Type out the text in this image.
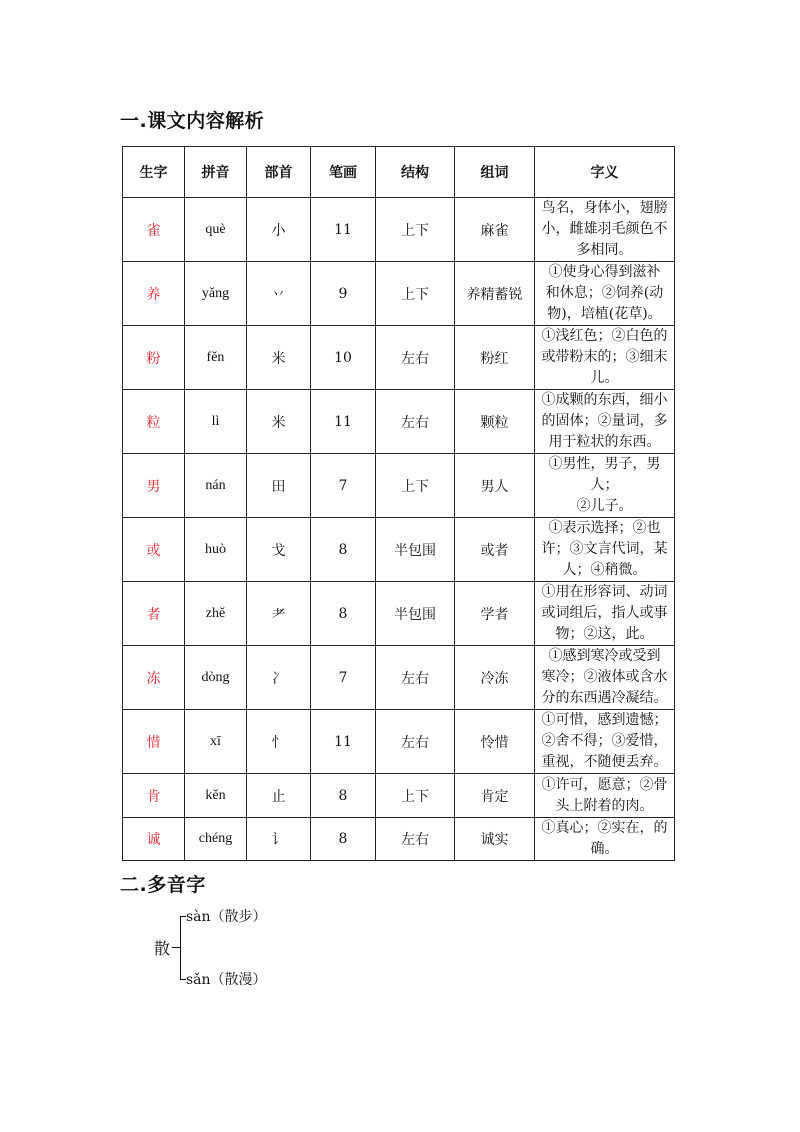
一.课文内容解析
生字	拼音	部首	笔画	结构	组词	字义
雀	què	小	11	上下	麻雀	鸟名，身体小，翅膀
小，雌雄羽毛颜色不
多相同。

养	yǎng	丷	9	上下	养精蓄锐	①使身心得到滋补
和休息；②饲养(动
物)，培植(花草)。

粉	fěn	米	10	左右	粉红	①浅红色；②白色的
或带粉末的；③细末
儿。

粒	lì	米	11	左右	颗粒	①成颗的东西，细小
的固体；②量词，多
用于粒状的东西。

男	nán	田	7	上下	男人	①男性，男子，男人；
②儿子。

或	huò	戈	8	半包围	或者	①表示选择；②也
许；③文言代词，某
人；④稍微。

者	zhě	耂	8	半包围	学者	①用在形容词、动词
或词组后，指人或事
物；②这，此。

冻	dòng	冫	7	左右	冷冻	①感到寒冷或受到
寒冷；②液体或含水
分的东西遇冷凝结。

惜	xī	忄	11	左右	怜惜	①可惜，感到遗憾；
②舍不得；③爱惜，
重视，不随便丢弃。

肯	kěn	止	8	上下	肯定	①许可，愿意；②骨
头上附着的肉。

诚	chéng	讠	8	左右	诚实	①真心；②实在，的
确。
二.多音字
散
sàn（散步）
sǎn（散漫）
